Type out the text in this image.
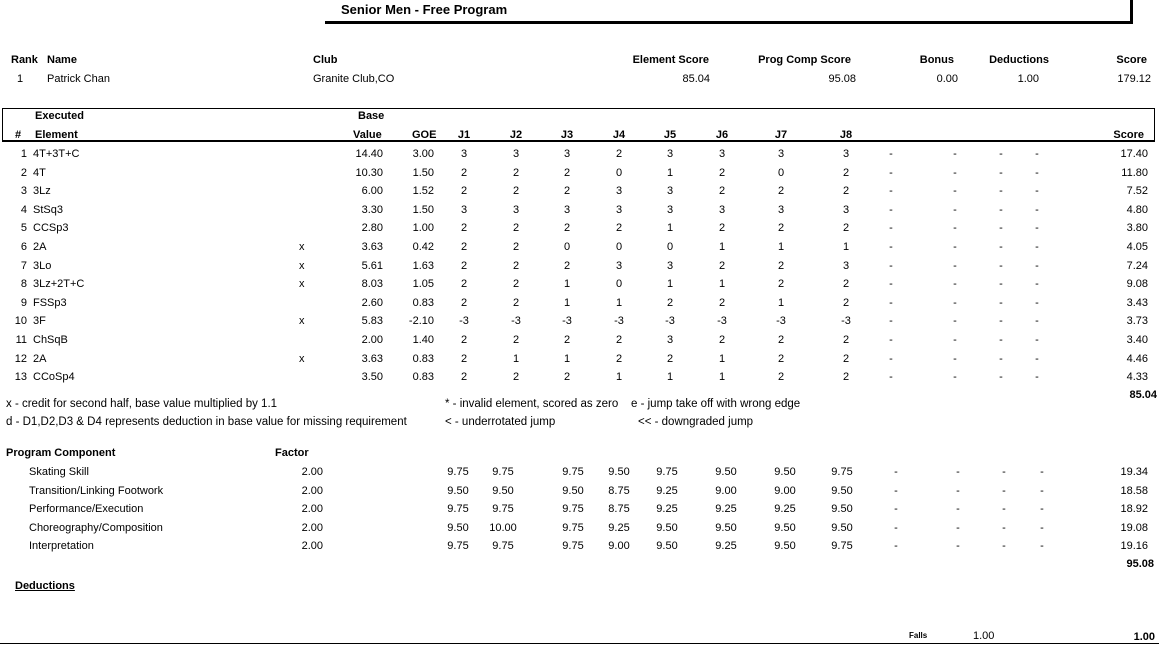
Senior Men - Free Program
Rank Name	Club	Element Score	Prog Comp Score	Bonus	Deductions	Score
1 Patrick Chan	Granite Club,CO	85.04	95.08	0.00	1.00	179.12
Executed
# Element
Base
Value	GOE	J1	J2	J3	J4	J5	J6	J7	J8	Score
1 4T+3T+C	14.40	3.00	3	3	3	2	3	3	3	3	-	-	-	-	17.40
2 4T	10.30	1.50	2	2	2	0	1	2	0	2	-	-	-	-	11.80
3 3Lz	6.00	1.52	2	2	2	3	3	2	2	2	-	-	-	-	7.52
4 StSq3	3.30	1.50	3	3	3	3	3	3	3	3	-	-	-	-	4.80
5 CCSp3	2.80	1.00	2	2	2	2	1	2	2	2	-	-	-	-	3.80
6 2A	x	3.63	0.42	2	2	0	0	0	1	1	1	-	-	-	-	4.05
7 3Lo	x	5.61	1.63	2	2	2	3	3	2	2	3	-	-	-	-	7.24
8 3Lz+2T+C	x	8.03	1.05	2	2	1	0	1	1	2	2	-	-	-	-	9.08
9 FSSp3	2.60	0.83	2	2	1	1	2	2	1	2	-	-	-	-	3.43
10 3F	x	5.83	-2.10	-3	-3	-3	-3	-3	-3	-3	-3	-	-	-	-	3.73
11 ChSqB	2.00	1.40	2	2	2	2	3	2	2	2	-	-	-	-	3.40
12 2A	x	3.63	0.83	2	1	1	2	2	1	2	2	-	-	-	-	4.46
13 CCoSp4	3.50	0.83	2	2	2	1	1	1	2	2	-	-	-	-	4.33
85.04
x - credit for second half, base value multiplied by 1.1
d - D1,D2,D3 & D4 represents deduction in base value for missing requirement
* - invalid element, scored as zero e - jump take off with wrong edge
< - underrotated jump	<< - downgraded jump
Program Component	Factor
Skating Skill	2.00	9.75	9.75	9.75	9.50	9.75	9.50	9.50	9.75	-	-	-	-	19.34
Transition/Linking Footwork	2.00	9.50	9.50	9.50	8.75	9.25	9.00	9.00	9.50	-	-	-	-	18.58
Performance/Execution	2.00	9.75	9.75	9.75	8.75	9.25	9.25	9.25	9.50	-	-	-	-	18.92
Choreography/Composition	2.00	9.50	10.00	9.75	9.25	9.50	9.50	9.50	9.50	-	-	-	-	19.08
Interpretation	2.00	9.75	9.75	9.75	9.00	9.50	9.25	9.50	9.75	-	-	-	-	19.16
95.08
Deductions
Falls	1.00	1.00
